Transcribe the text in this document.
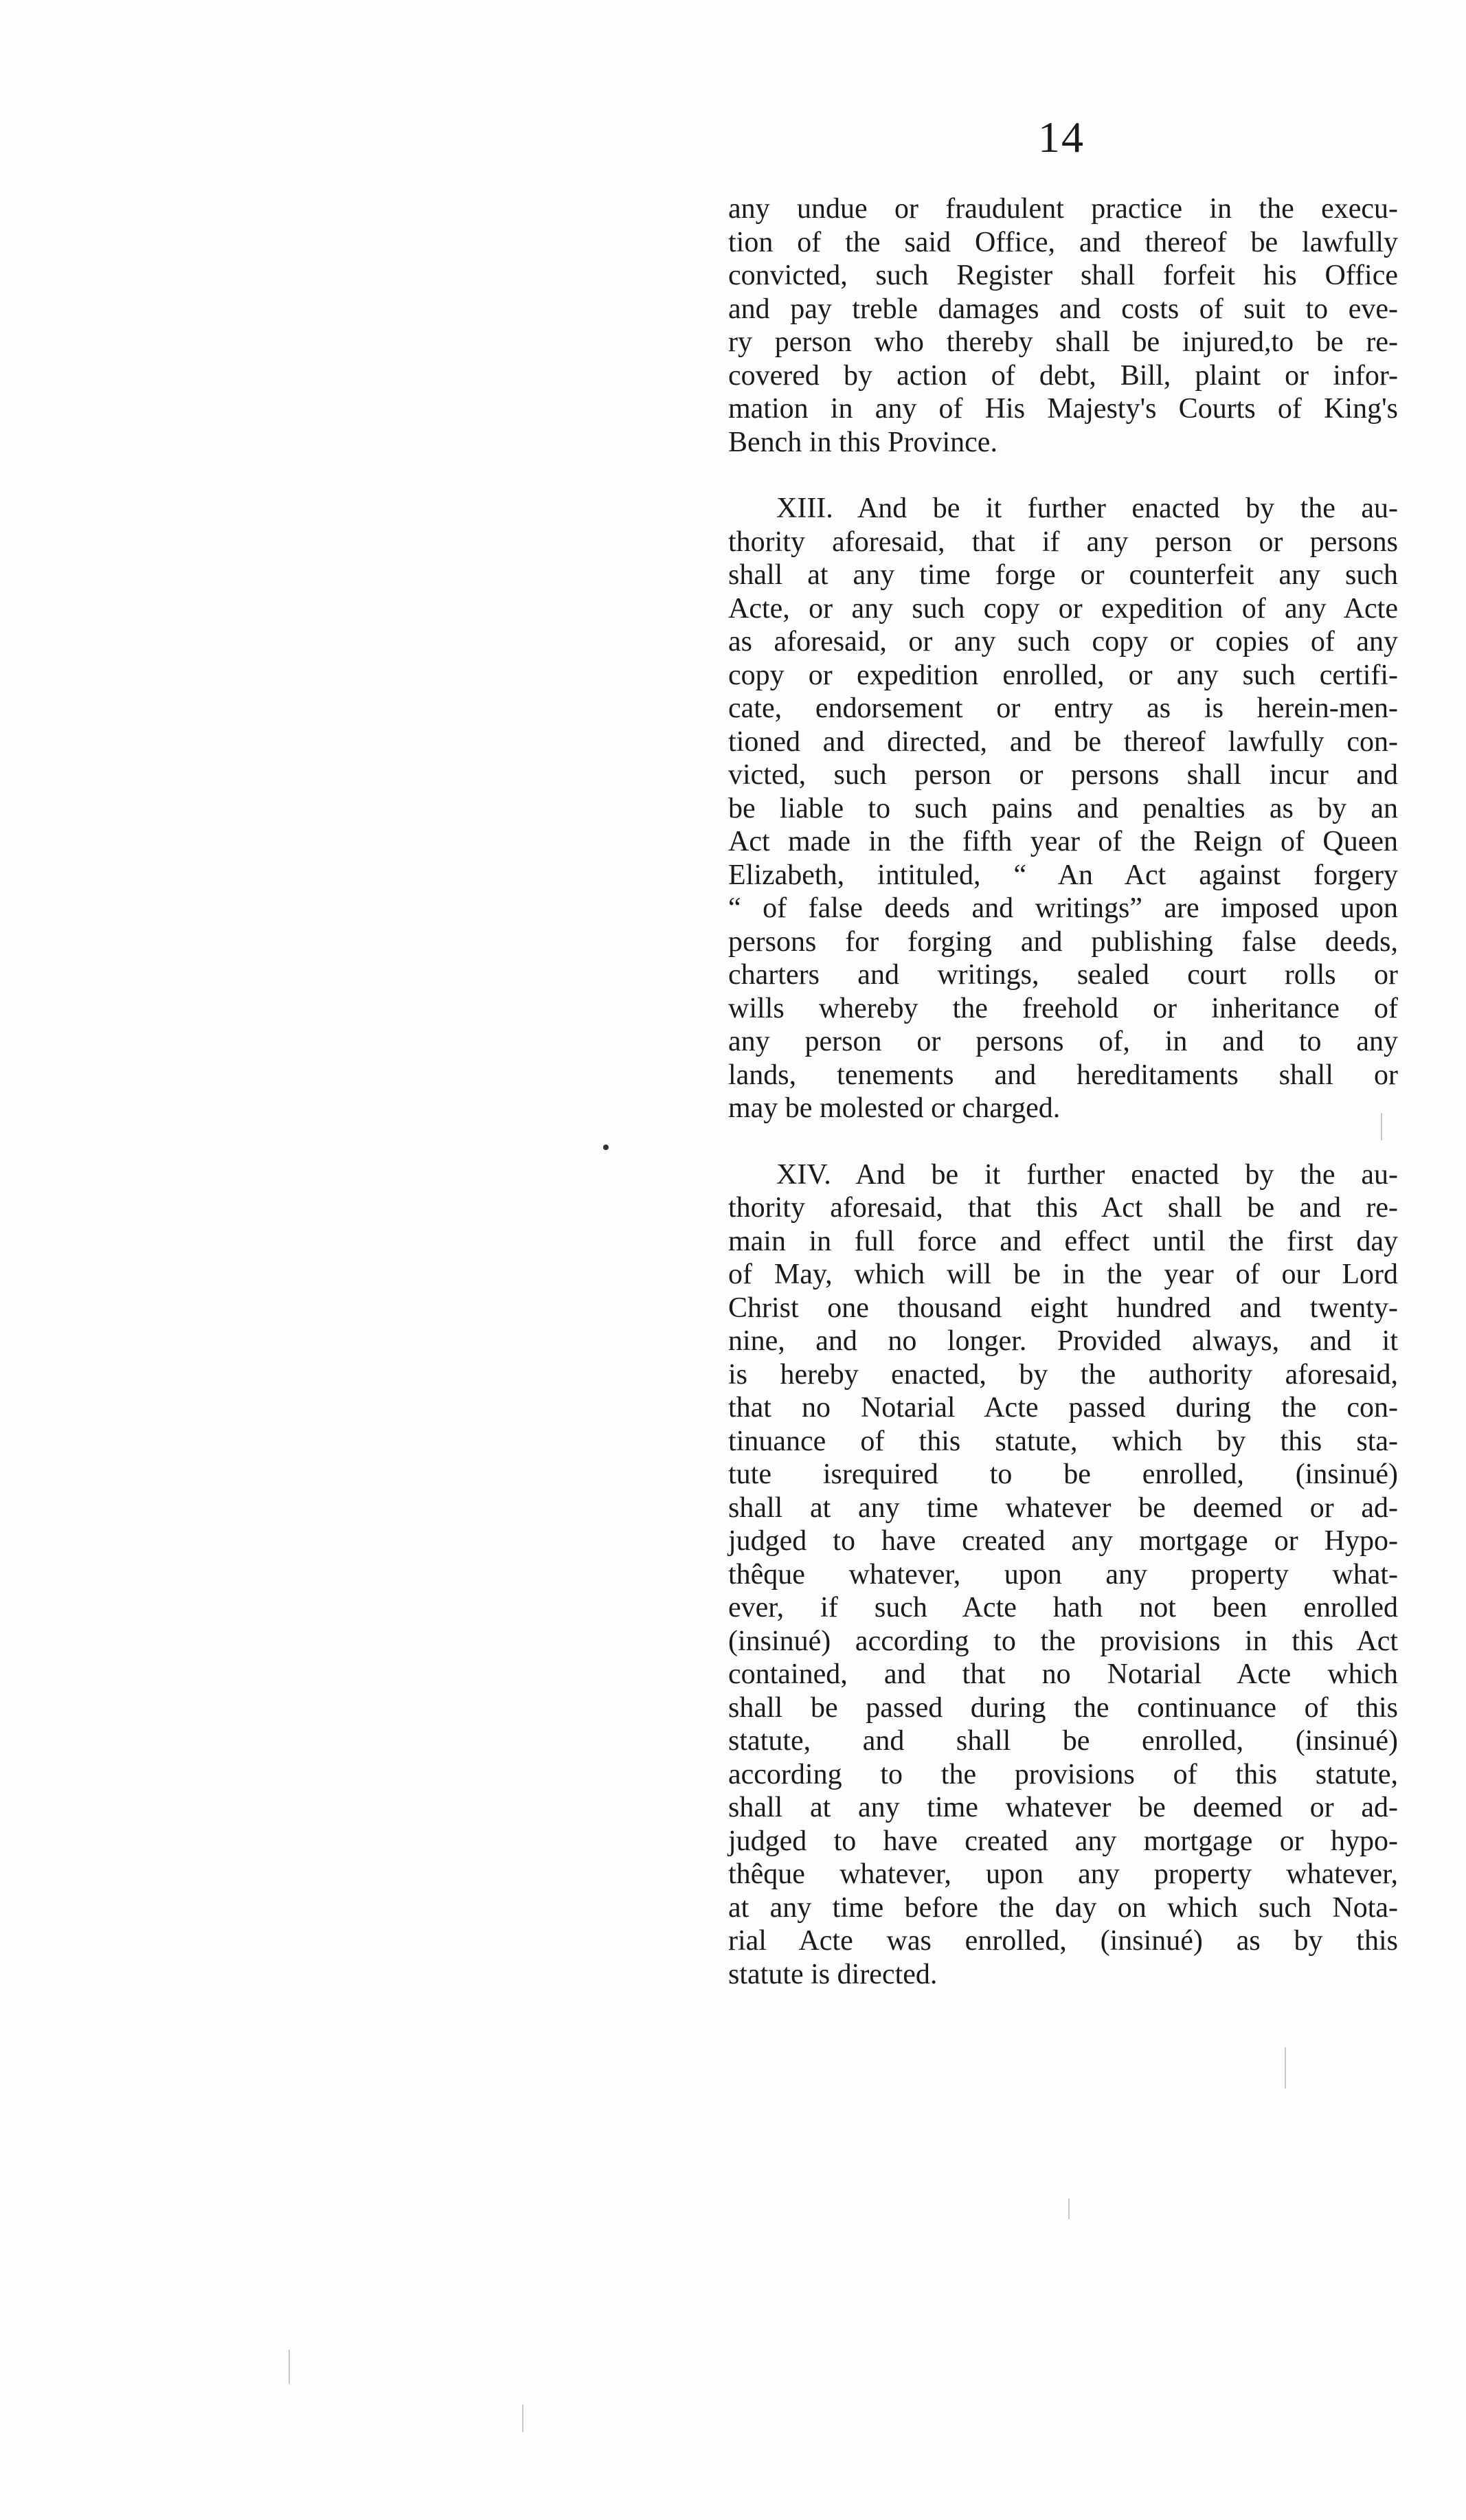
14
any undue or fraudulent practice in the execu-
tion of the said Office, and thereof be lawfully
convicted, such Register shall forfeit his Office
and pay treble damages and costs of suit to eve-
ry person who thereby shall be injured,to be re-
covered by action of debt, Bill, plaint or infor-
mation in any of His Majesty's Courts of King's
Bench in this Province.
XIII. And be it further enacted by the au-
thority aforesaid, that if any person or persons
shall at any time forge or counterfeit any such
Acte, or any such copy or expedition of any Acte
as aforesaid, or any such copy or copies of any
copy or expedition enrolled, or any such certifi-
cate, endorsement or entry as is herein-men-
tioned and directed, and be thereof lawfully con-
victed, such person or persons shall incur and
be liable to such pains and penalties as by an
Act made in the fifth year of the Reign of Queen
Elizabeth, intituled, “ An Act against forgery
“ of false deeds and writings” are imposed upon
persons for forging and publishing false deeds,
charters and writings, sealed court rolls or
wills whereby the freehold or inheritance of
any person or persons of, in and to any
lands, tenements and hereditaments shall or
may be molested or charged.
XIV. And be it further enacted by the au-
thority aforesaid, that this Act shall be and re-
main in full force and effect until the first day
of May, which will be in the year of our Lord
Christ one thousand eight hundred and twenty-
nine, and no longer. Provided always, and it
is hereby enacted, by the authority aforesaid,
that no Notarial Acte passed during the con-
tinuance of this statute, which by this sta-
tute isrequired to be enrolled, (insinué)
shall at any time whatever be deemed or ad-
judged to have created any mortgage or Hypo-
thêque whatever, upon any property what-
ever, if such Acte hath not been enrolled
(insinué) according to the provisions in this Act
contained, and that no Notarial Acte which
shall be passed during the continuance of this
statute, and shall be enrolled, (insinué)
according to the provisions of this statute,
shall at any time whatever be deemed or ad-
judged to have created any mortgage or hypo-
thêque whatever, upon any property whatever,
at any time before the day on which such Nota-
rial Acte was enrolled, (insinué) as by this
statute is directed.
•
